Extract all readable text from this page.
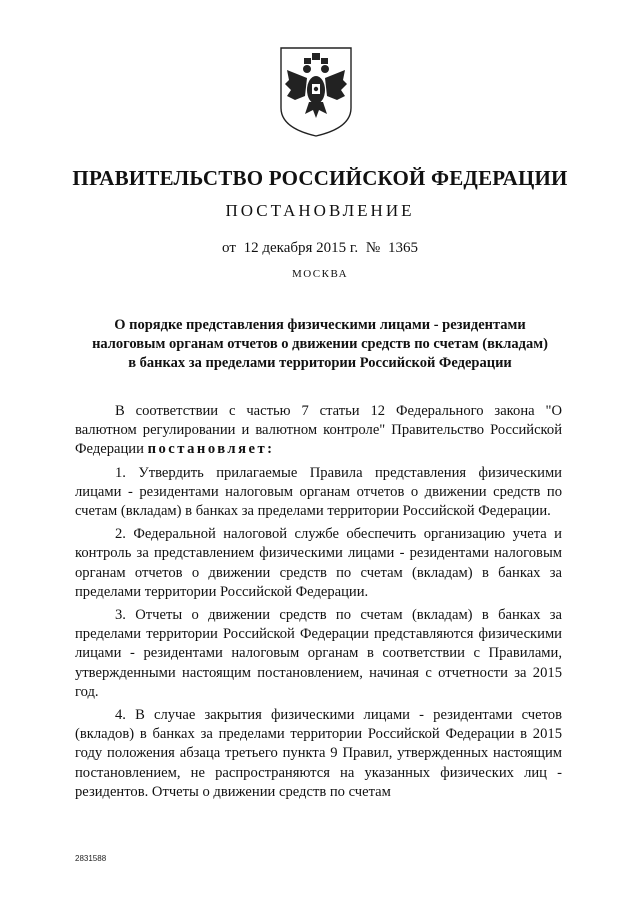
ПРАВИТЕЛЬСТВО РОССИЙСКОЙ ФЕДЕРАЦИИ
ПОСТАНОВЛЕНИЕ
от 12 декабря 2015 г. № 1365
МОСКВА
О порядке представления физическими лицами - резидентами
налоговым органам отчетов о движении средств по счетам (вкладам)
в банках за пределами территории Российской Федерации

В соответствии с частью 7 статьи 12 Федерального закона "О валютном регулировании и валютном контроле" Правительство Российской Федерации постановляет:

1. Утвердить прилагаемые Правила представления физическими лицами - резидентами налоговым органам отчетов о движении средств по счетам (вкладам) в банках за пределами территории Российской Федерации.

2. Федеральной налоговой службе обеспечить организацию учета и контроль за представлением физическими лицами - резидентами налоговым органам отчетов о движении средств по счетам (вкладам) в банках за пределами территории Российской Федерации.

3. Отчеты о движении средств по счетам (вкладам) в банках за пределами территории Российской Федерации представляются физическими лицами - резидентами налоговым органам в соответствии с Правилами, утвержденными настоящим постановлением, начиная с отчетности за 2015 год.

4. В случае закрытия физическими лицами - резидентами счетов (вкладов) в банках за пределами территории Российской Федерации в 2015 году положения абзаца третьего пункта 9 Правил, утвержденных настоящим постановлением, не распространяются на указанных физических лиц - резидентов. Отчеты о движении средств по счетам

2831588
